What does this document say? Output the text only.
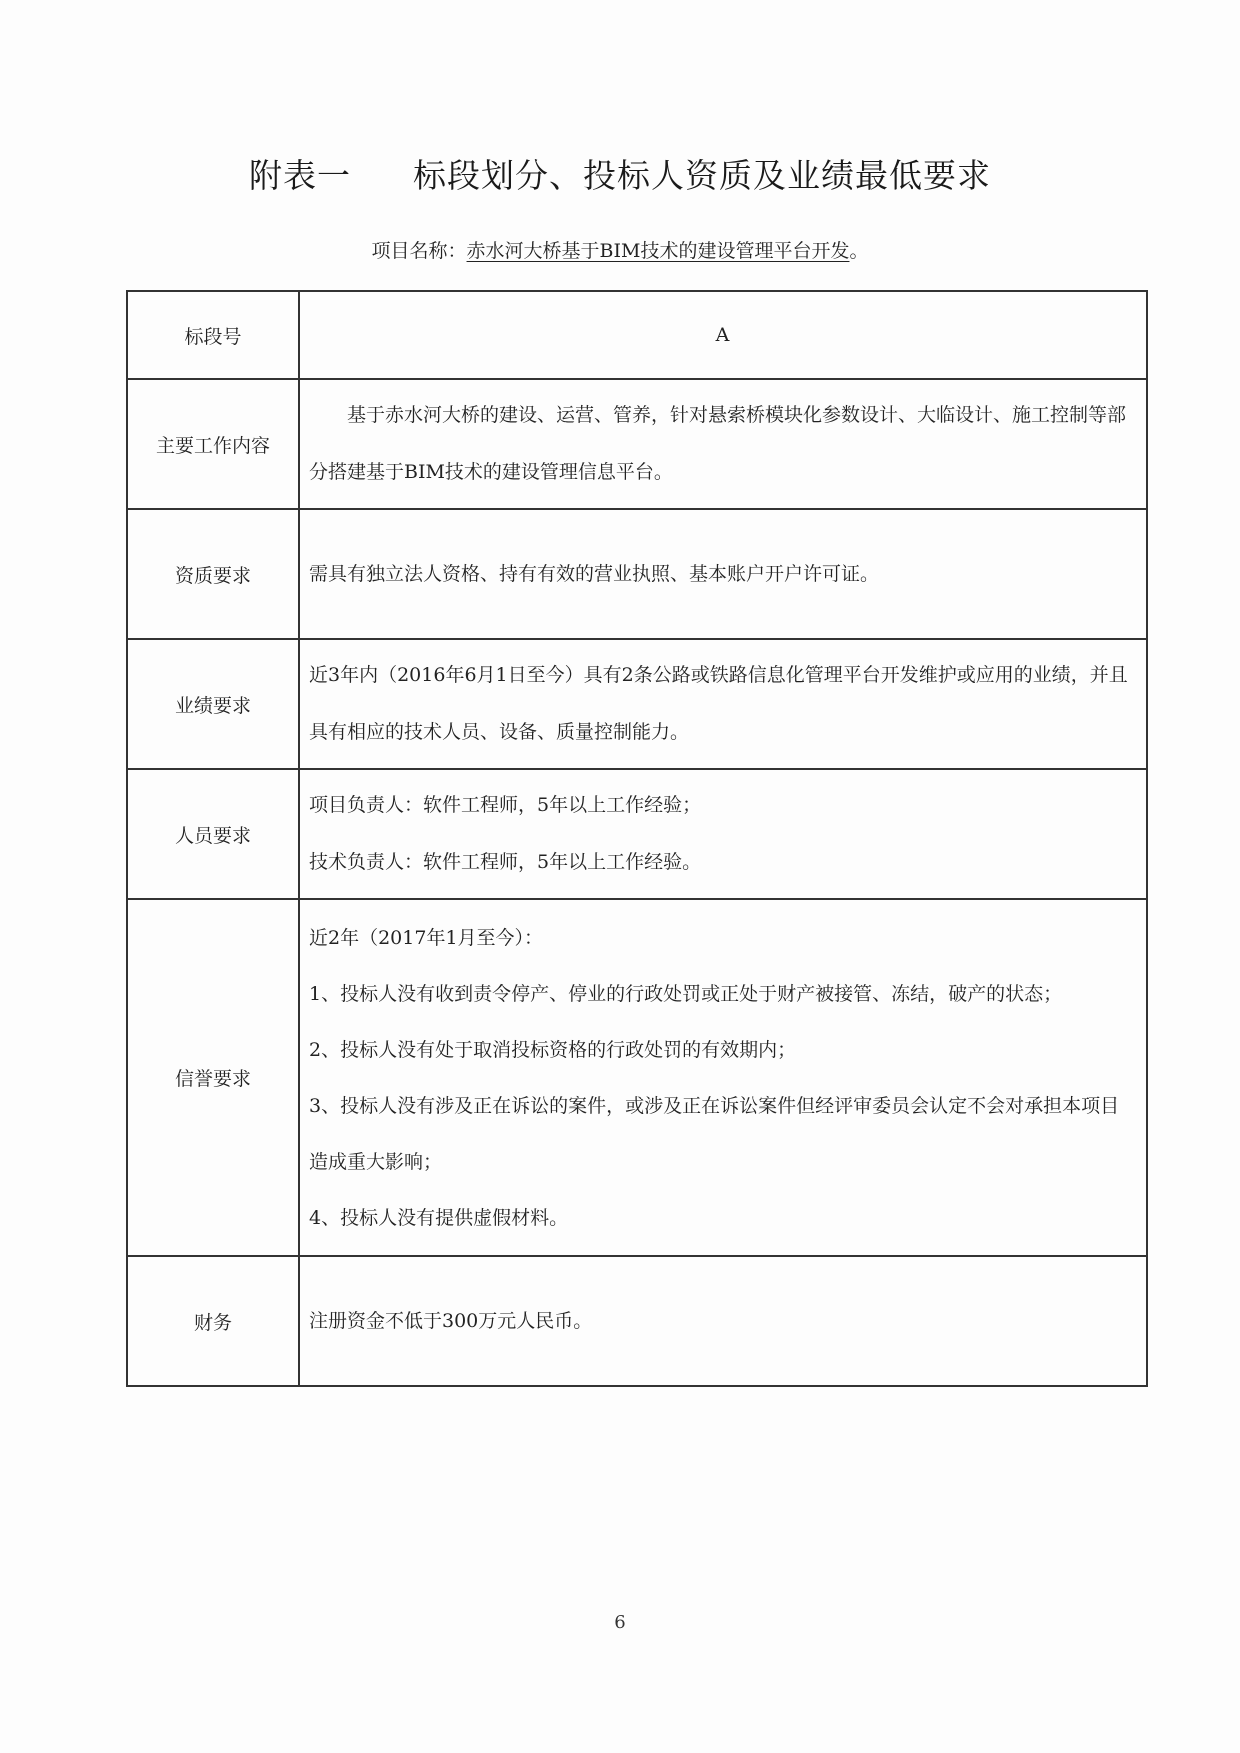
附表一 标段划分、投标人资质及业绩最低要求
项目名称：赤水河大桥基于BIM技术的建设管理平台开发。
标段号	A
主要工作内容	基于赤水河大桥的建设、运营、管养，针对悬索桥模块化参数设计、大临设计、施工控制等部分搭建基于BIM技术的建设管理信息平台。

资质要求	需具有独立法人资格、持有有效的营业执照、基本账户开户许可证。

业绩要求	近3年内（2016年6月1日至今）具有2条公路或铁路信息化管理平台开发维护或应用的业绩，并且具有相应的技术人员、设备、质量控制能力。

人员要求	项目负责人：软件工程师，5年以上工作经验；
技术负责人：软件工程师，5年以上工作经验。

信誉要求	近2年（2017年1月至今）：
1、投标人没有收到责令停产、停业的行政处罚或正处于财产被接管、冻结，破产的状态；
2、投标人没有处于取消投标资格的行政处罚的有效期内；
3、投标人没有涉及正在诉讼的案件，或涉及正在诉讼案件但经评审委员会认定不会对承担本项目造成重大影响；
4、投标人没有提供虚假材料。

财务	注册资金不低于300万元人民币。
6
